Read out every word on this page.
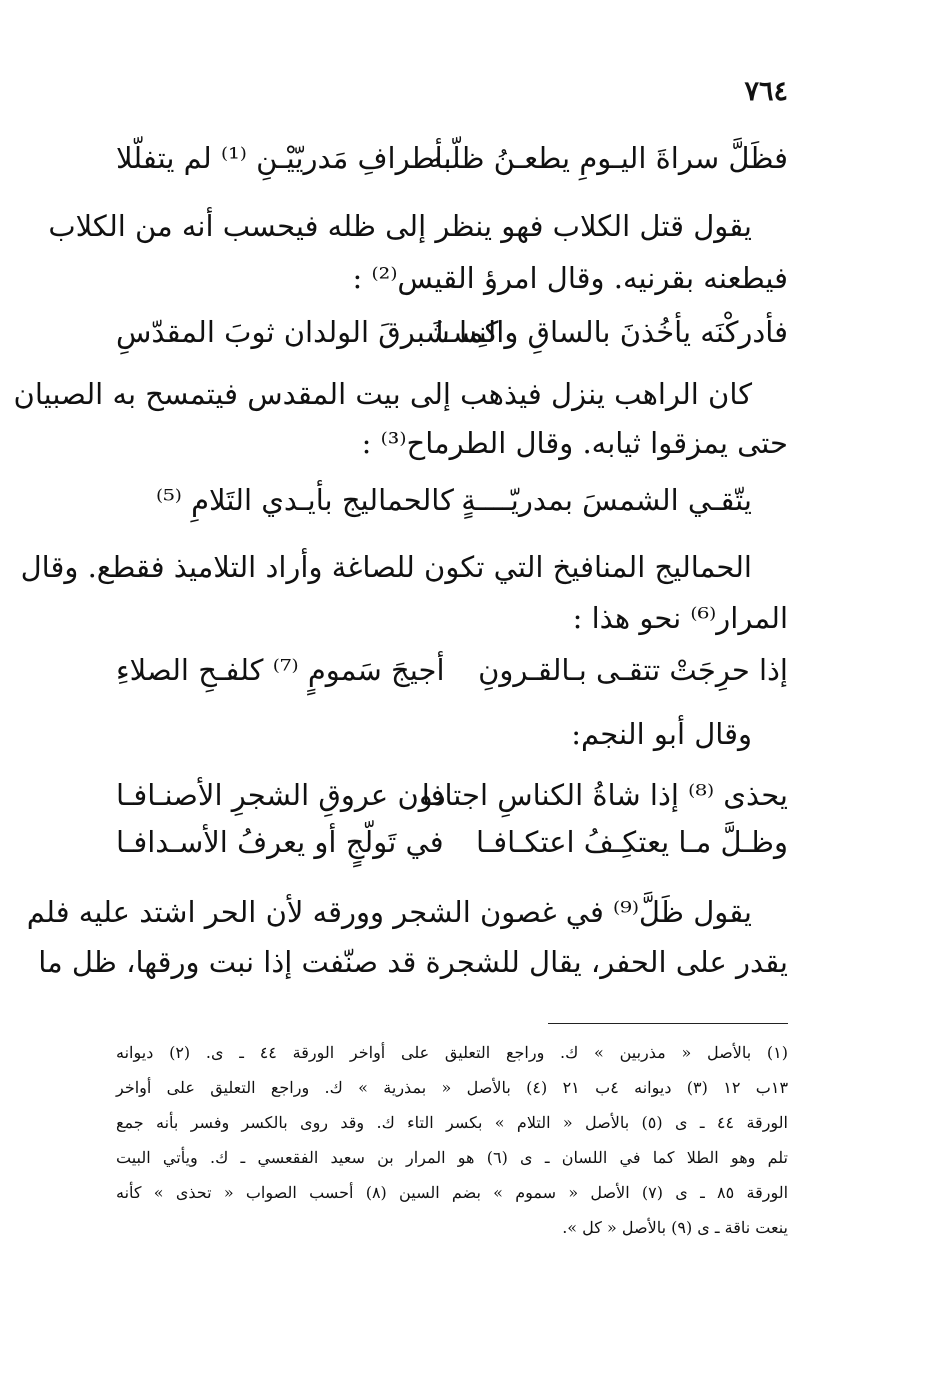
٧٦٤
فظَلَّ سراةَ اليـومِ يطعـنُ ظلّـه
بأطرافِ مَدريّيْـنِ ⁽¹⁾ لم يتفلّلا
يقول قتل الكلاب فهو ينظر إلى ظله فيحسب أنه من الكلاب
فيطعنه بقرنيه. وقال امرؤ القيس⁽²⁾ :
فأدركْنَه يأخُذنَ بالساقِ والنِسـا
كما شَبرقَ الولدان ثوبَ المقدّسِ
كان الراهب ينزل فيذهب إلى بيت المقدس فيتمسح به الصبيان
حتى يمزقوا ثيابه. وقال الطرماح⁽³⁾ :
يتّقـي الشمسَ بمدريّــــةٍ
كالحماليج بأيـدي التَلامِ ⁽⁵⁾
الحماليج المنافيخ التي تكون للصاغة وأراد التلاميذ فقطع. وقال
المرار⁽⁶⁾ نحو هذا :
إذا حرِجَتْ تتقـى بـالقـرونِ
أجيجَ سَمومٍ ⁽⁷⁾ كلفـحِ الصلاءِ
وقال أبو النجم:
يحذى ⁽⁸⁾ إذا شاةُ الكناسِ اجتافا
دون عروقِ الشجرِ الأصنـافـا
وظـلَّ مـا يعتكِـفُ اعتكـافـا
في تَولّجٍ أو يعرفُ الأسـدافـا
يقول ظَلَّ⁽⁹⁾ في غصون الشجر وورقه لأن الحر اشتد عليه فلم
يقدر على الحفر، يقال للشجرة قد صنّفت إذا نبت ورقها، ظل ما
(١) بالأصل « مذربين » ك. وراجع التعليق على أواخر الورقة ٤٤ ـ ى. (٢) ديوانه
١٣ب ١٢ (٣) ديوانه ٤ب ٢١ (٤) بالأصل « بمذرية » ك. وراجع التعليق على أواخر
الورقة ٤٤ ـ ى (٥) بالأصل « التلام » بكسر التاء ك. وقد روى بالكسر وفسر بأنه جمع
تلم وهو الطلا كما في اللسان ـ ى (٦) هو المرار بن سعيد الفقعسي ـ ك. ويأتي البيت
الورقة ٨٥ ـ ى (٧) الأصل « سموم » بضم السين (٨) أحسب الصواب « تحذى » كأنه
ينعت ناقة ـ ى (٩) بالأصل « كل ».
